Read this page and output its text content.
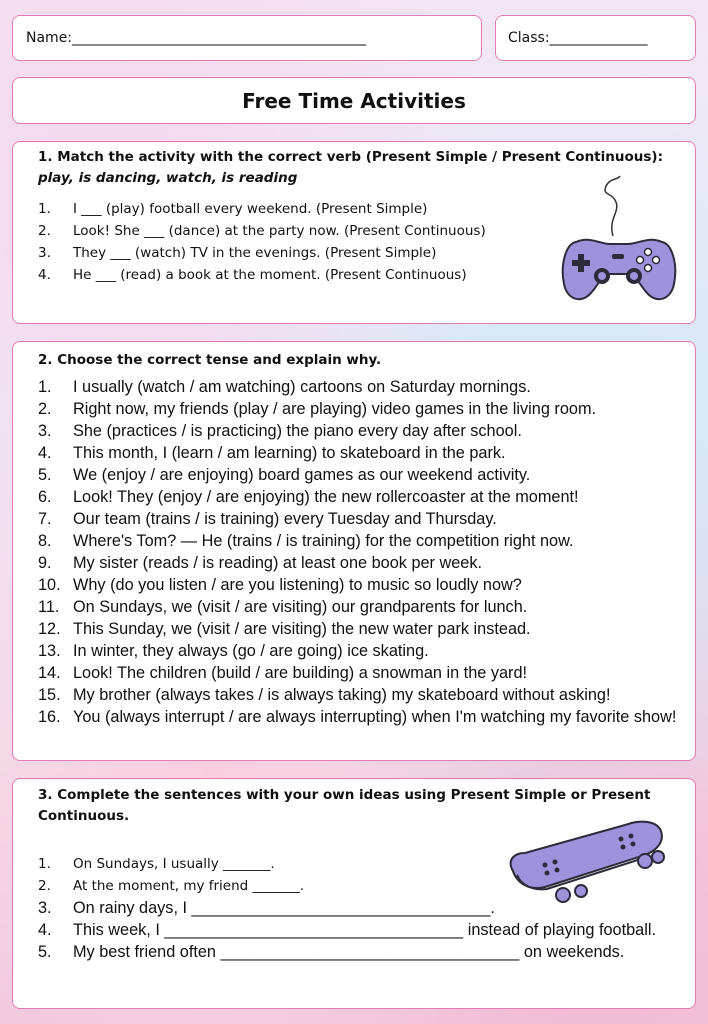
Name:__________________________________________	Class:______________
Free Time Activities
1. Match the activity with the correct verb (Present Simple / Present Continuous):
play, is dancing, watch, is reading
1. I ___ (play) football every weekend. (Present Simple)
2. Look! She ___ (dance) at the party now. (Present Continuous)
3. They ___ (watch) TV in the evenings. (Present Simple)
4. He ___ (read) a book at the moment. (Present Continuous)
2. Choose the correct tense and explain why.
1. I usually (watch / am watching) cartoons on Saturday mornings.
2. Right now, my friends (play / are playing) video games in the living room.
3. She (practices / is practicing) the piano every day after school.
4. This month, I (learn / am learning) to skateboard in the park.
5. We (enjoy / are enjoying) board games as our weekend activity.
6. Look! They (enjoy / are enjoying) the new rollercoaster at the moment!
7. Our team (trains / is training) every Tuesday and Thursday.
8. Where's Tom? — He (trains / is training) for the competition right now.
9. My sister (reads / is reading) at least one book per week.
10. Why (do you listen / are you listening) to music so loudly now?
11. On Sundays, we (visit / are visiting) our grandparents for lunch.
12. This Sunday, we (visit / are visiting) the new water park instead.
13. In winter, they always (go / are going) ice skating.
14. Look! The children (build / are building) a snowman in the yard!
15. My brother (always takes / is always taking) my skateboard without asking!
16. You (always interrupt / are always interrupting) when I'm watching my favorite show!
3. Complete the sentences with your own ideas using Present Simple or Present Continuous.
1. On Sundays, I usually _______.
2. At the moment, my friend _______.
3. On rainy days, I _________________________________.
4. This week, I _________________________________ instead of playing football.
5. My best friend often _________________________________ on weekends.
